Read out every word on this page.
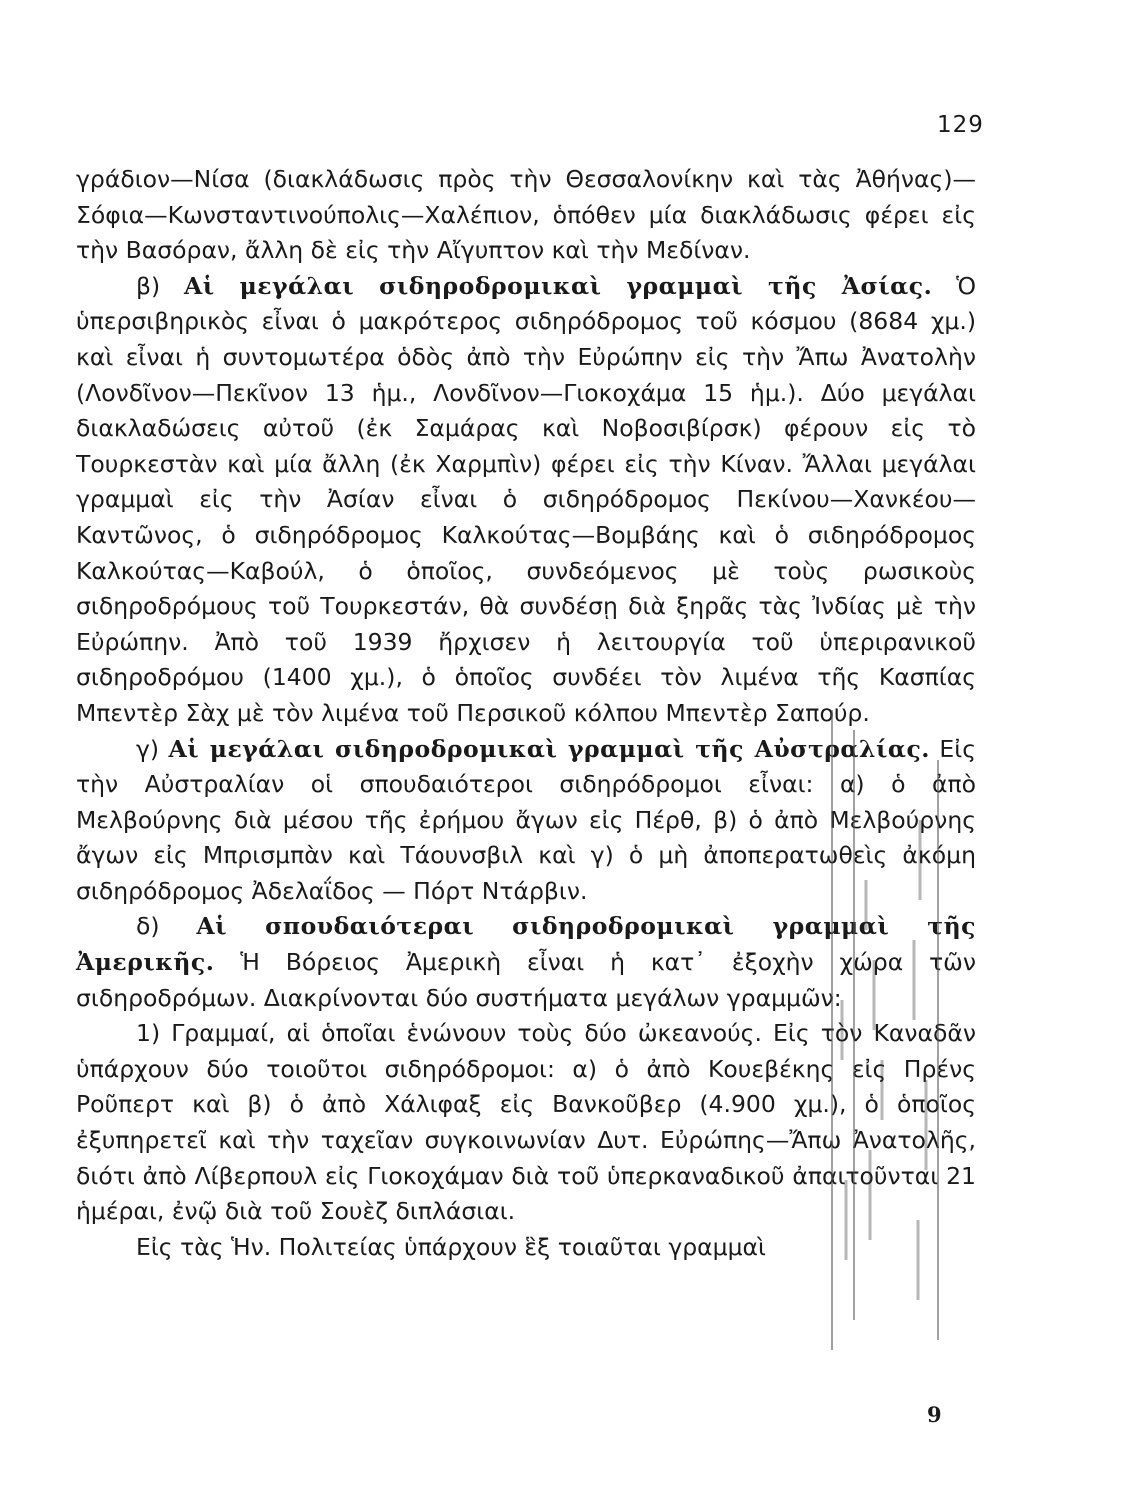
129

γράδιον—Νίσα (διακλάδωσις πρὸς τὴν Θεσσαλονίκην καὶ τὰς Ἀθήνας)—Σόφια—Κωνσταντινούπολις—Χαλέπιον, ὁπόθεν μία διακλάδωσις φέρει εἰς τὴν Βασόραν, ἄλλη δὲ εἰς τὴν Αἴγυπτον καὶ τὴν Μεδίναν.

β) Αἱ μεγάλαι σιδηροδρομικαὶ γραμμαὶ τῆς Ἀσίας. Ὁ ὑπερσιβηρικὸς εἶναι ὁ μακρότερος σιδηρόδρομος τοῦ κόσμου (8684 χμ.) καὶ εἶναι ἡ συντομωτέρα ὁδὸς ἀπὸ τὴν Εὐρώπην εἰς τὴν Ἄπω Ἀνατολὴν (Λονδῖνον—Πεκῖνον 13 ἡμ., Λονδῖνον—Γιοκοχάμα 15 ἡμ.). Δύο μεγάλαι διακλαδώσεις αὐτοῦ (ἐκ Σαμάρας καὶ Νοβοσιβίρσκ) φέρουν εἰς τὸ Τουρκεστὰν καὶ μία ἄλλη (ἐκ Χαρμπὶν) φέρει εἰς τὴν Κίναν. Ἄλλαι μεγάλαι γραμμαὶ εἰς τὴν Ἀσίαν εἶναι ὁ σιδηρόδρομος Πεκίνου—Χανκέου—Καντῶνος, ὁ σιδηρόδρομος Καλκούτας—Βομβάης καὶ ὁ σιδηρόδρομος Καλκούτας—Καβούλ, ὁ ὁποῖος, συνδεόμενος μὲ τοὺς ρωσικοὺς σιδηροδρόμους τοῦ Τουρκεστάν, θὰ συνδέσῃ διὰ ξηρᾶς τὰς Ἰνδίας μὲ τὴν Εὐρώπην. Ἀπὸ τοῦ 1939 ἤρχισεν ἡ λειτουργία τοῦ ὑπεριρανικοῦ σιδηροδρόμου (1400 χμ.), ὁ ὁποῖος συνδέει τὸν λιμένα τῆς Κασπίας Μπεντὲρ Σὰχ μὲ τὸν λιμένα τοῦ Περσικοῦ κόλπου Μπεντὲρ Σαπούρ.

γ) Αἱ μεγάλαι σιδηροδρομικαὶ γραμμαὶ τῆς Αὐστραλίας. Εἰς τὴν Αὐστραλίαν οἱ σπουδαιότεροι σιδηρόδρομοι εἶναι: α) ὁ ἀπὸ Μελβούρνης διὰ μέσου τῆς ἐρήμου ἄγων εἰς Πέρθ, β) ὁ ἀπὸ Μελβούρνης ἄγων εἰς Μπρισμπὰν καὶ Τάουνσβιλ καὶ γ) ὁ μὴ ἀποπερατωθεὶς ἀκόμη σιδηρόδρομος Ἀδελαΐδος — Πόρτ Ντάρβιν.

δ) Αἱ σπουδαιότεραι σιδηροδρομικαὶ γραμμαὶ τῆς Ἀμερικῆς. Ἡ Βόρειος Ἀμερικὴ εἶναι ἡ κατ᾽ ἐξοχὴν χώρα τῶν σιδηροδρόμων. Διακρίνονται δύο συστήματα μεγάλων γραμμῶν:

1) Γραμμαί, αἱ ὁποῖαι ἑνώνουν τοὺς δύο ὠκεανούς. Εἰς τὸν Καναδᾶν ὑπάρχουν δύο τοιοῦτοι σιδηρόδρομοι: α) ὁ ἀπὸ Κουεβέκης εἰς Πρένς Ροῦπερτ καὶ β) ὁ ἀπὸ Χάλιφαξ εἰς Βανκοῦβερ (4.900 χμ.), ὁ ὁποῖος ἐξυπηρετεῖ καὶ τὴν ταχεῖαν συγκοινωνίαν Δυτ. Εὐρώπης—Ἄπω Ἀνατολῆς, διότι ἀπὸ Λίβερπουλ εἰς Γιοκοχάμαν διὰ τοῦ ὑπερκαναδικοῦ ἀπαιτοῦνται 21 ἡμέραι, ἐνῷ διὰ τοῦ Σουὲζ διπλάσιαι.

Εἰς τὰς Ἡν. Πολιτείας ὑπάρχουν ἓξ τοιαῦται γραμμαὶ

9
